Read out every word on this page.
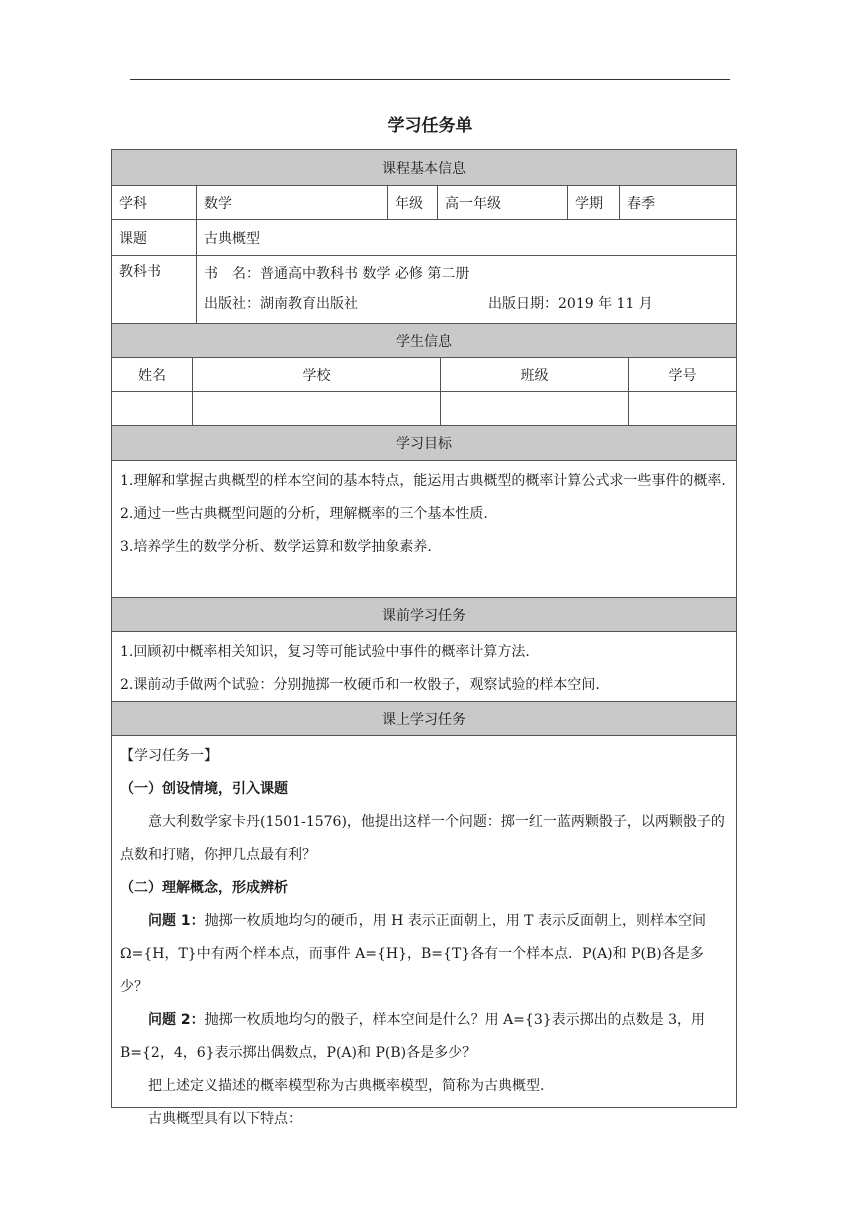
学习任务单
课程基本信息
学科	数学	年级	高一年级	学期	春季
课题	古典概型
教科书	书　名：普通高中教科书 数学 必修 第二册
出版社：湖南教育出版社	出版日期：2019 年 11 月
学生信息
姓名	学校	班级	学号
学习目标

1.理解和掌握古典概型的样本空间的基本特点，能运用古典概型的概率计算公式求一些事件的概率.

2.通过一些古典概型问题的分析，理解概率的三个基本性质.

3.培养学生的数学分析、数学运算和数学抽象素养.

课前学习任务

1.回顾初中概率相关知识，复习等可能试验中事件的概率计算方法.

2.课前动手做两个试验：分别抛掷一枚硬币和一枚骰子，观察试验的样本空间.

课上学习任务

【学习任务一】

（一）创设情境，引入课题

意大利数学家卡丹(1501-1576)，他提出这样一个问题：掷一红一蓝两颗骰子，以两颗骰子的点数和打赌，你押几点最有利？

（二）理解概念，形成辨析

问题 1：抛掷一枚质地均匀的硬币，用 H 表示正面朝上，用 T 表示反面朝上，则样本空间Ω={H，T}中有两个样本点，而事件 A={H}，B={T}各有一个样本点．P(A)和 P(B)各是多少？

问题 2：抛掷一枚质地均匀的骰子，样本空间是什么？用 A={3}表示掷出的点数是 3，用 B={2，4，6}表示掷出偶数点，P(A)和 P(B)各是多少？

把上述定义描述的概率模型称为古典概率模型，简称为古典概型.

古典概型具有以下特点：
